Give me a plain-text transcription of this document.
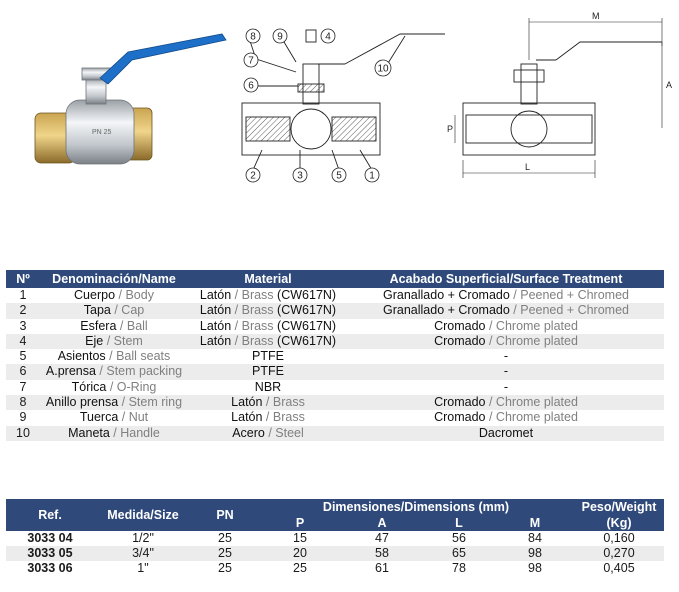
PN 25
8 9
7
4
6
10
2	3	5	1
M
A
P
L
Nº	Denominación/Name	Material	Acabado Superficial/Surface Treatment
1	Cuerpo / Body	Latón / Brass (CW617N)	Granallado + Cromado / Peened + Chromed
2	Tapa / Cap	Latón / Brass (CW617N)	Granallado + Cromado / Peened + Chromed
3	Esfera / Ball	Latón / Brass (CW617N)	Cromado / Chrome plated
4	Eje / Stem	Latón / Brass (CW617N)	Cromado / Chrome plated
5	Asientos / Ball seats	PTFE	-
6	A.prensa / Stem packing	PTFE	-
7	Tórica / O-Ring	NBR	-
8	Anillo prensa / Stem ring	Latón / Brass	Cromado / Chrome plated
9	Tuerca / Nut	Latón / Brass	Cromado / Chrome plated
10	Maneta / Handle	Acero / Steel	Dacromet
Ref.	Medida/Size	PN	Dimensiones/Dimensions (mm)				Peso/Weight
			P	A	L	M	(Kg)
3033 04	1/2"	25	15	47	56	84	0,160
3033 05	3/4"	25	20	58	65	98	0,270
3033 06	1"	25	25	61	78	98	0,405
